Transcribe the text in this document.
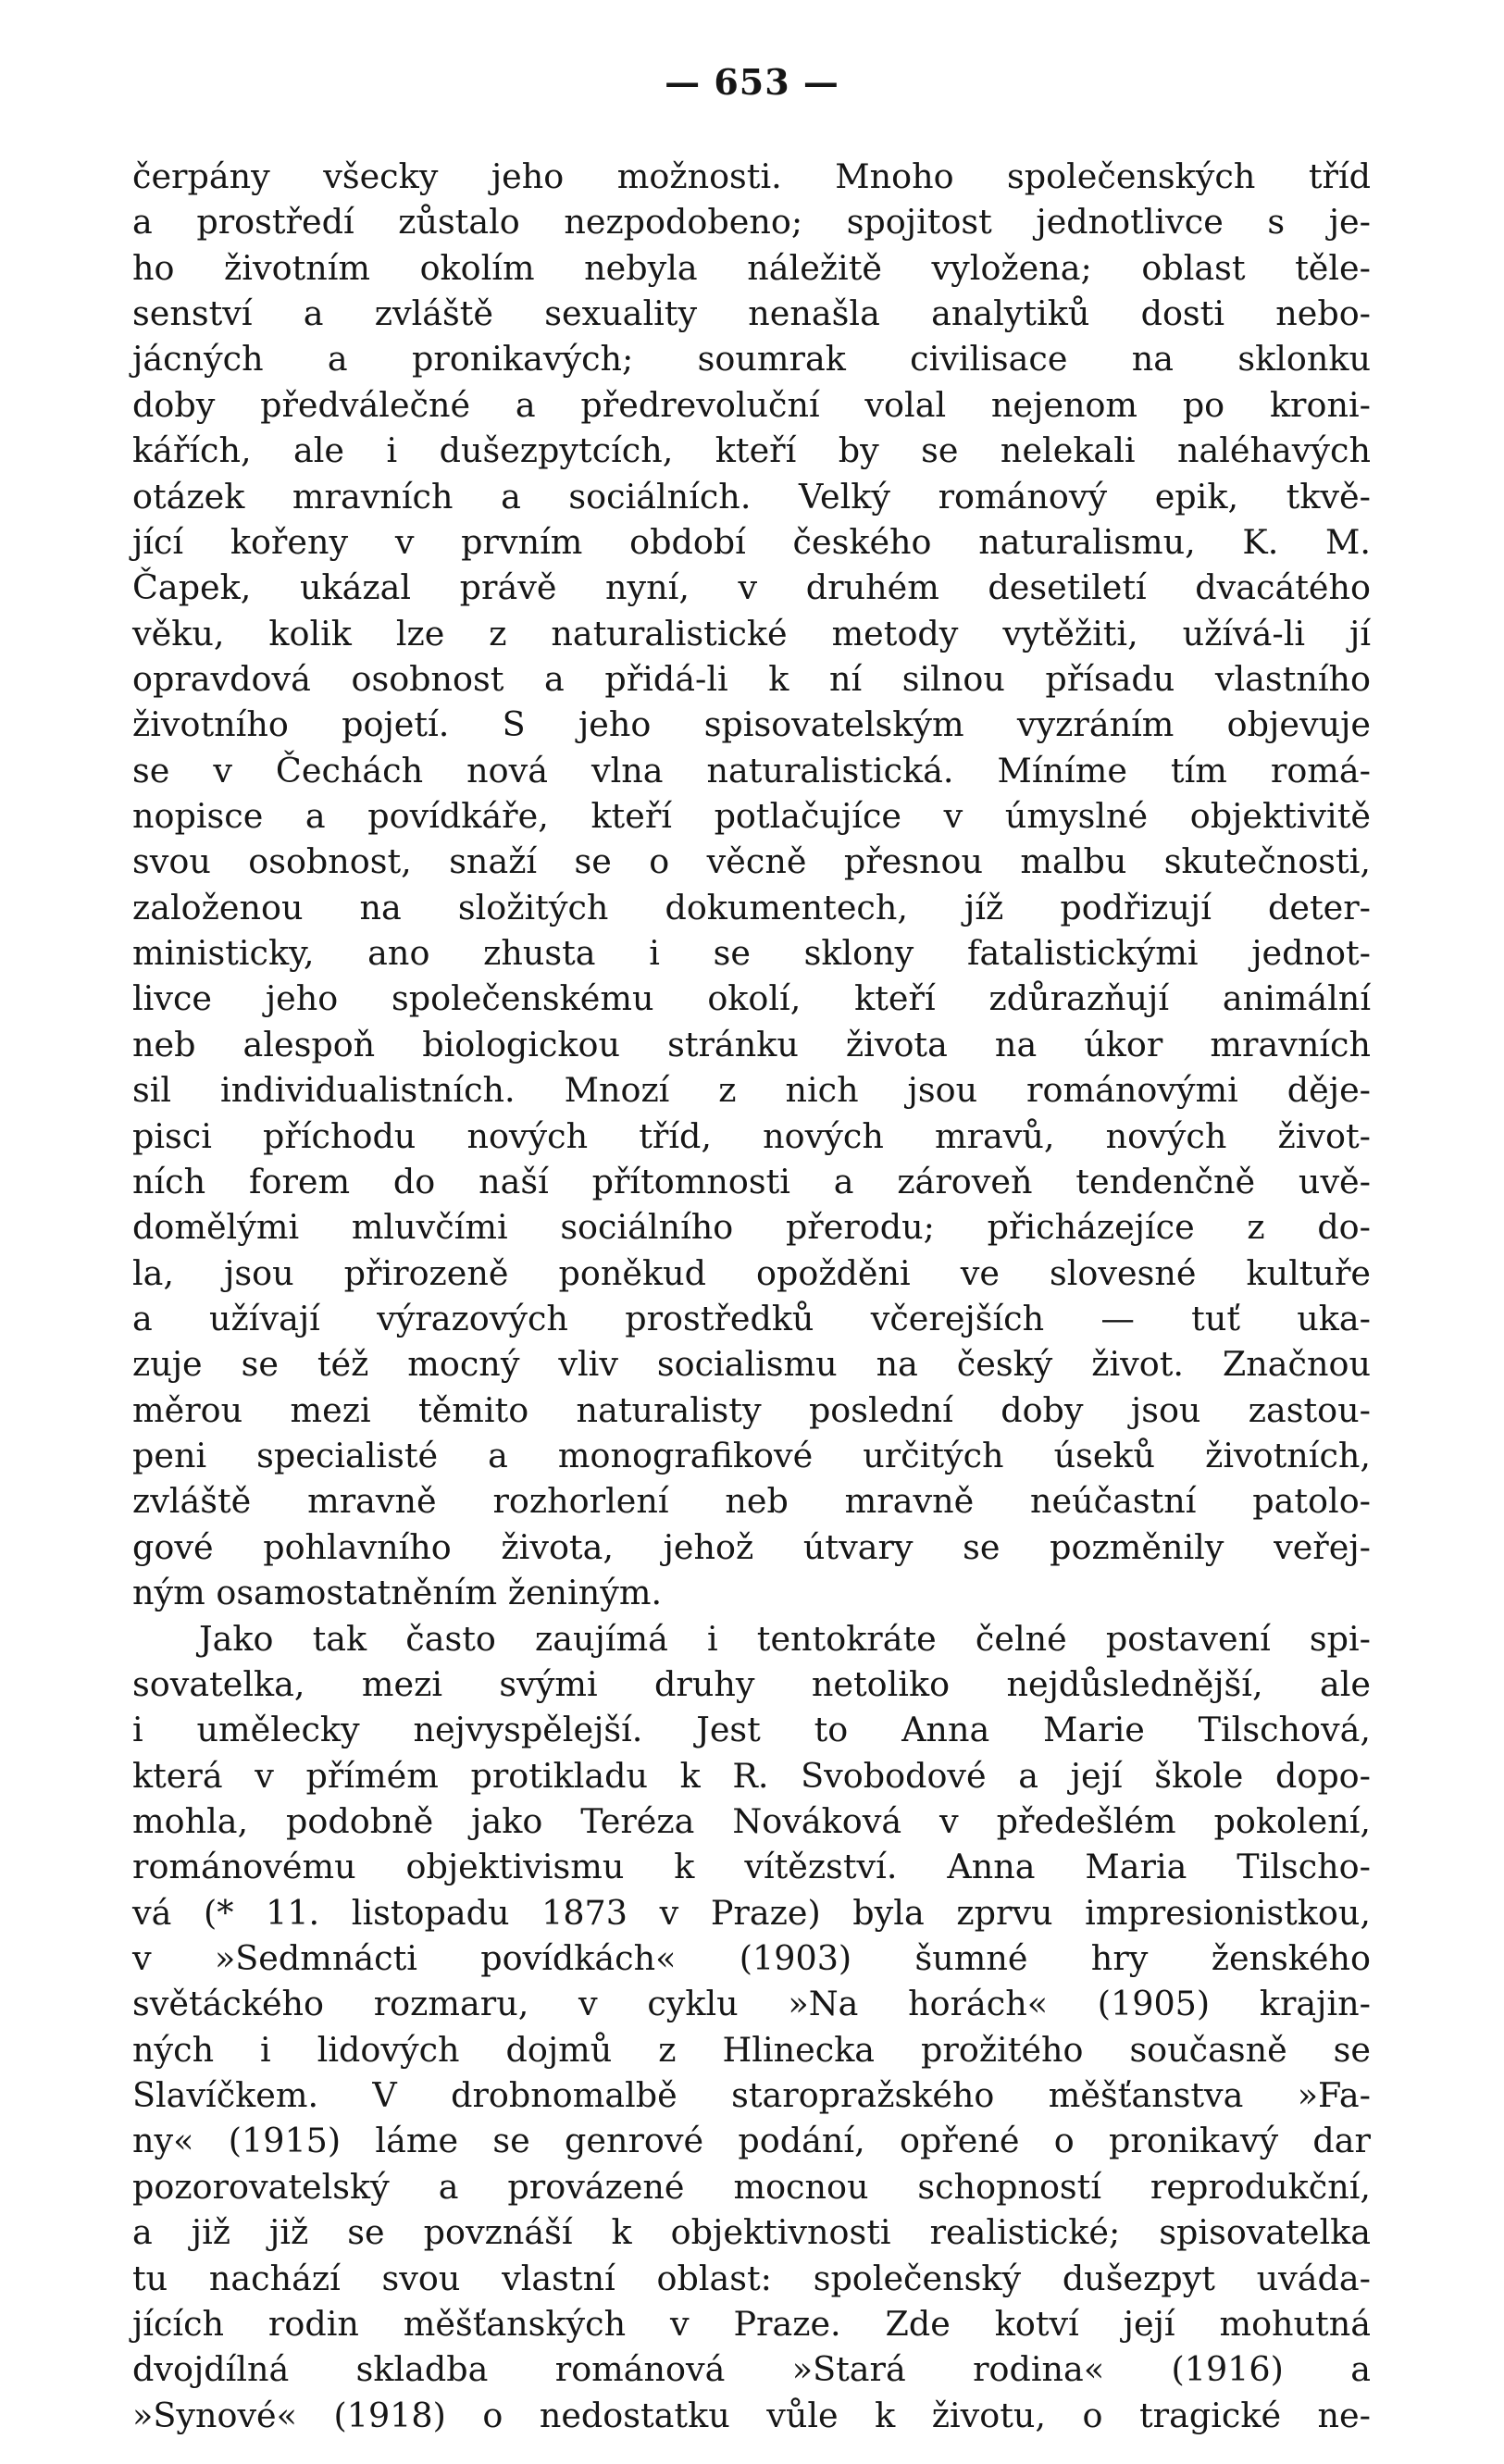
— 653 —
čerpány všecky jeho možnosti. Mnoho společenských tříd
a prostředí zůstalo nezpodobeno; spojitost jednotlivce s je-
ho životním okolím nebyla náležitě vyložena; oblast těle-
senství a zvláště sexuality nenašla analytiků dosti nebo-
jácných a pronikavých; soumrak civilisace na sklonku
doby předválečné a předrevoluční volal nejenom po kroni-
kářích, ale i dušezpytcích, kteří by se nelekali naléhavých
otázek mravních a sociálních. Velký románový epik, tkvě-
jící kořeny v prvním období českého naturalismu, K. M.
Čapek, ukázal právě nyní, v druhém desetiletí dvacátého
věku, kolik lze z naturalistické metody vytěžiti, užívá-li jí
opravdová osobnost a přidá-li k ní silnou přísadu vlastního
životního pojetí. S jeho spisovatelským vyzráním objevuje
se v Čechách nová vlna naturalistická. Míníme tím romá-
nopisce a povídkáře, kteří potlačujíce v úmyslné objektivitě
svou osobnost, snaží se o věcně přesnou malbu skutečnosti,
založenou na složitých dokumentech, jíž podřizují deter-
ministicky, ano zhusta i se sklony fatalistickými jednot-
livce jeho společenskému okolí, kteří zdůrazňují animální
neb alespoň biologickou stránku života na úkor mravních
sil individualistních. Mnozí z nich jsou románovými děje-
pisci příchodu nových tříd, nových mravů, nových život-
ních forem do naší přítomnosti a zároveň tendenčně uvě-
domělými mluvčími sociálního přerodu; přicházejíce z do-
la, jsou přirozeně poněkud opožděni ve slovesné kultuře
a užívají výrazových prostředků včerejších — tuť uka-
zuje se též mocný vliv socialismu na český život. Značnou
měrou mezi těmito naturalisty poslední doby jsou zastou-
peni specialisté a monografikové určitých úseků životních,
zvláště mravně rozhorlení neb mravně neúčastní patolo-
gové pohlavního života, jehož útvary se pozměnily veřej-
ným osamostatněním ženiným.
Jako tak často zaujímá i tentokráte čelné postavení spi-
sovatelka, mezi svými druhy netoliko nejdůslednější, ale
i umělecky nejvyspělejší. Jest to Anna Marie Tilschová,
která v přímém protikladu k R. Svobodové a její škole dopo-
mohla, podobně jako Teréza Nováková v předešlém pokolení,
románovému objektivismu k vítězství. Anna Maria Tilscho-
vá (* 11. listopadu 1873 v Praze) byla zprvu impresionistkou,
v »Sedmnácti povídkách« (1903) šumné hry ženského
světáckého rozmaru, v cyklu »Na horách« (1905) krajin-
ných i lidových dojmů z Hlinecka prožitého současně se
Slavíčkem. V drobnomalbě staropražského měšťanstva »Fa-
ny« (1915) láme se genrové podání, opřené o pronikavý dar
pozorovatelský a provázené mocnou schopností reprodukční,
a již již se povznáší k objektivnosti realistické; spisovatelka
tu nachází svou vlastní oblast: společenský dušezpyt uváda-
jících rodin měšťanských v Praze. Zde kotví její mohutná
dvojdílná skladba románová »Stará rodina« (1916) a
»Synové« (1918) o nedostatku vůle k životu, o tragické ne-
